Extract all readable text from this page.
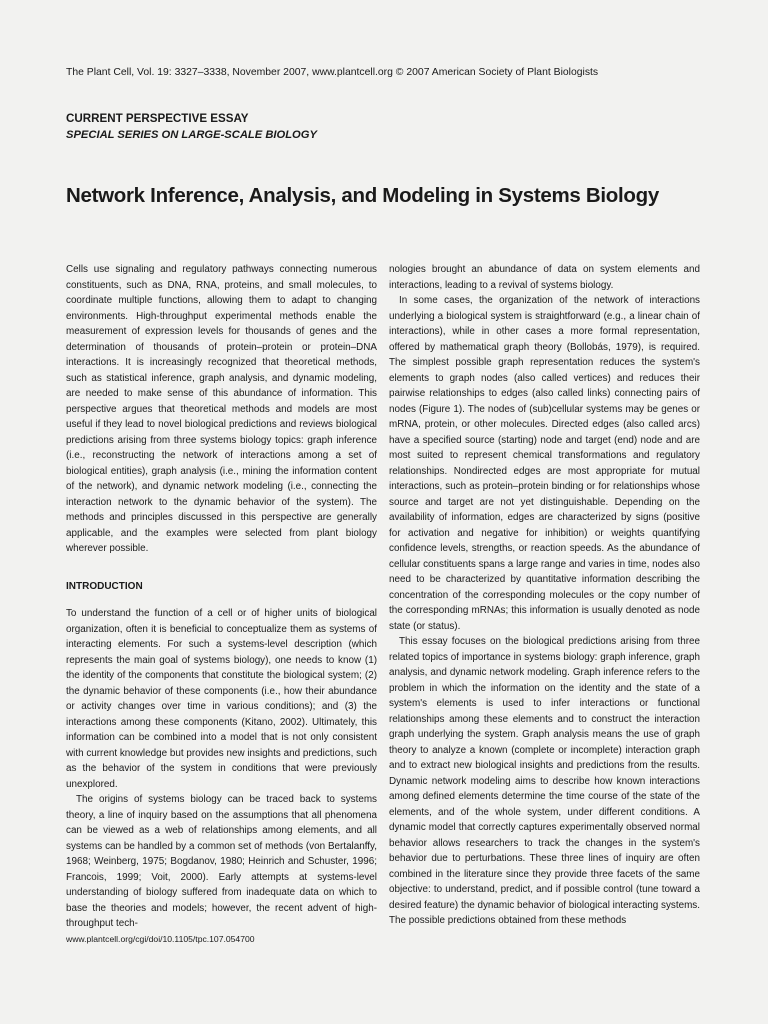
The Plant Cell, Vol. 19: 3327–3338, November 2007, www.plantcell.org © 2007 American Society of Plant Biologists
CURRENT PERSPECTIVE ESSAY
SPECIAL SERIES ON LARGE-SCALE BIOLOGY
Network Inference, Analysis, and Modeling in Systems Biology

Cells use signaling and regulatory pathways connecting numerous constituents, such as DNA, RNA, proteins, and small molecules, to coordinate multiple functions, allowing them to adapt to changing environments. High-throughput experimental methods enable the measurement of expression levels for thousands of genes and the determination of thousands of protein–protein or protein–DNA interactions. It is increasingly recognized that theoretical methods, such as statistical inference, graph analysis, and dynamic modeling, are needed to make sense of this abundance of information. This perspective argues that theoretical methods and models are most useful if they lead to novel biological predictions and reviews biological predictions arising from three systems biology topics: graph inference (i.e., reconstructing the network of interactions among a set of biological entities), graph analysis (i.e., mining the information content of the network), and dynamic network modeling (i.e., connecting the interaction network to the dynamic behavior of the system). The methods and principles discussed in this perspective are generally applicable, and the examples were selected from plant biology wherever possible.

INTRODUCTION

To understand the function of a cell or of higher units of biological organization, often it is beneficial to conceptualize them as systems of interacting elements. For such a systems-level description (which represents the main goal of systems biology), one needs to know (1) the identity of the components that constitute the biological system; (2) the dynamic behavior of these components (i.e., how their abundance or activity changes over time in various conditions); and (3) the interactions among these components (Kitano, 2002). Ultimately, this information can be combined into a model that is not only consistent with current knowledge but provides new insights and predictions, such as the behavior of the system in conditions that were previously unexplored.

The origins of systems biology can be traced back to systems theory, a line of inquiry based on the assumptions that all phenomena can be viewed as a web of relationships among elements, and all systems can be handled by a common set of methods (von Bertalanffy, 1968; Weinberg, 1975; Bogdanov, 1980; Heinrich and Schuster, 1996; Francois, 1999; Voit, 2000). Early attempts at systems-level understanding of biology suffered from inadequate data on which to base the theories and models; however, the recent advent of high-throughput tech-

nologies brought an abundance of data on system elements and interactions, leading to a revival of systems biology.

In some cases, the organization of the network of interactions underlying a biological system is straightforward (e.g., a linear chain of interactions), while in other cases a more formal representation, offered by mathematical graph theory (Bollobás, 1979), is required. The simplest possible graph representation reduces the system's elements to graph nodes (also called vertices) and reduces their pairwise relationships to edges (also called links) connecting pairs of nodes (Figure 1). The nodes of (sub)cellular systems may be genes or mRNA, protein, or other molecules. Directed edges (also called arcs) have a specified source (starting) node and target (end) node and are most suited to represent chemical transformations and regulatory relationships. Nondirected edges are most appropriate for mutual interactions, such as protein–protein binding or for relationships whose source and target are not yet distinguishable. Depending on the availability of information, edges are characterized by signs (positive for activation and negative for inhibition) or weights quantifying confidence levels, strengths, or reaction speeds. As the abundance of cellular constituents spans a large range and varies in time, nodes also need to be characterized by quantitative information describing the concentration of the corresponding molecules or the copy number of the corresponding mRNAs; this information is usually denoted as node state (or status).

This essay focuses on the biological predictions arising from three related topics of importance in systems biology: graph inference, graph analysis, and dynamic network modeling. Graph inference refers to the problem in which the information on the identity and the state of a system's elements is used to infer interactions or functional relationships among these elements and to construct the interaction graph underlying the system. Graph analysis means the use of graph theory to analyze a known (complete or incomplete) interaction graph and to extract new biological insights and predictions from the results. Dynamic network modeling aims to describe how known interactions among defined elements determine the time course of the state of the elements, and of the whole system, under different conditions. A dynamic model that correctly captures experimentally observed normal behavior allows researchers to track the changes in the system's behavior due to perturbations. These three lines of inquiry are often combined in the literature since they provide three facets of the same objective: to understand, predict, and if possible control (tune toward a desired feature) the dynamic behavior of biological interacting systems. The possible predictions obtained from these methods

www.plantcell.org/cgi/doi/10.1105/tpc.107.054700
